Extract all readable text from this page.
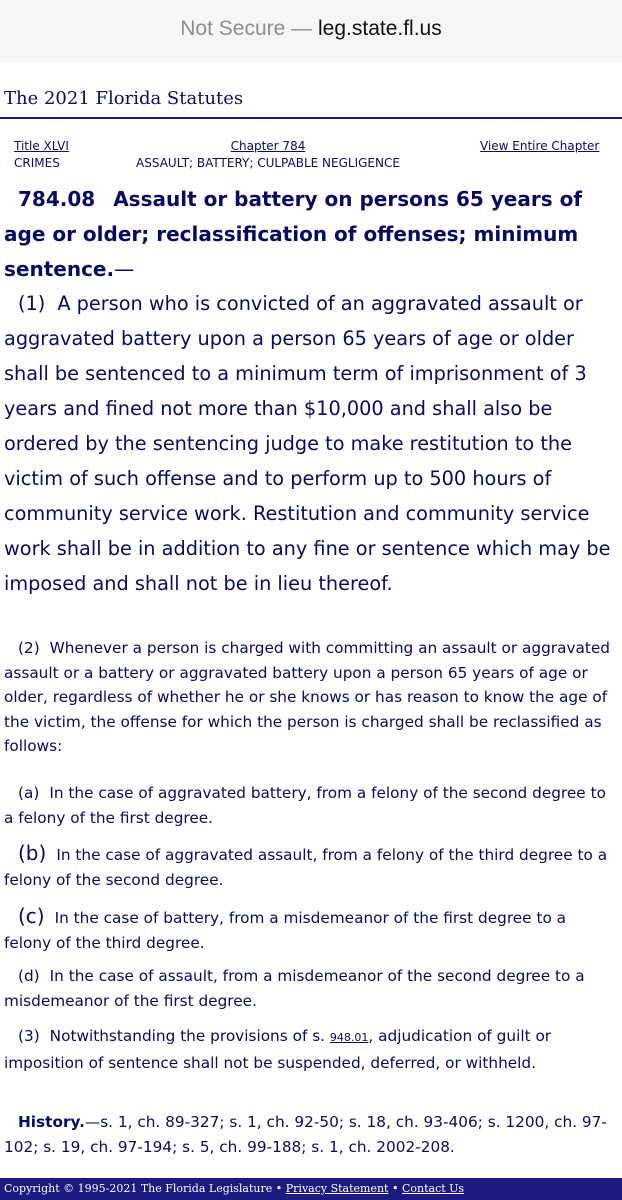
Not Secure — leg.state.fl.us
The 2021 Florida Statutes
Title XLVI
CRIMES
Chapter 784
ASSAULT; BATTERY; CULPABLE NEGLIGENCE
View Entire Chapter
784.08 Assault or battery on persons 65 years of age or older; reclassification of offenses; minimum sentence.—
(1) A person who is convicted of an aggravated assault or aggravated battery upon a person 65 years of age or older shall be sentenced to a minimum term of imprisonment of 3 years and fined not more than $10,000 and shall also be ordered by the sentencing judge to make restitution to the victim of such offense and to perform up to 500 hours of community service work. Restitution and community service work shall be in addition to any fine or sentence which may be imposed and shall not be in lieu thereof.
(2) Whenever a person is charged with committing an assault or aggravated assault or a battery or aggravated battery upon a person 65 years of age or older, regardless of whether he or she knows or has reason to know the age of the victim, the offense for which the person is charged shall be reclassified as follows:
(a) In the case of aggravated battery, from a felony of the second degree to a felony of the first degree.
(b) In the case of aggravated assault, from a felony of the third degree to a felony of the second degree.
(c) In the case of battery, from a misdemeanor of the first degree to a felony of the third degree.
(d) In the case of assault, from a misdemeanor of the second degree to a misdemeanor of the first degree.
(3) Notwithstanding the provisions of s. 948.01, adjudication of guilt or imposition of sentence shall not be suspended, deferred, or withheld.
History.—s. 1, ch. 89-327; s. 1, ch. 92-50; s. 18, ch. 93-406; s. 1200, ch. 97-102; s. 19, ch. 97-194; s. 5, ch. 99-188; s. 1, ch. 2002-208.
Copyright © 1995-2021 The Florida Legislature • Privacy Statement • Contact Us
